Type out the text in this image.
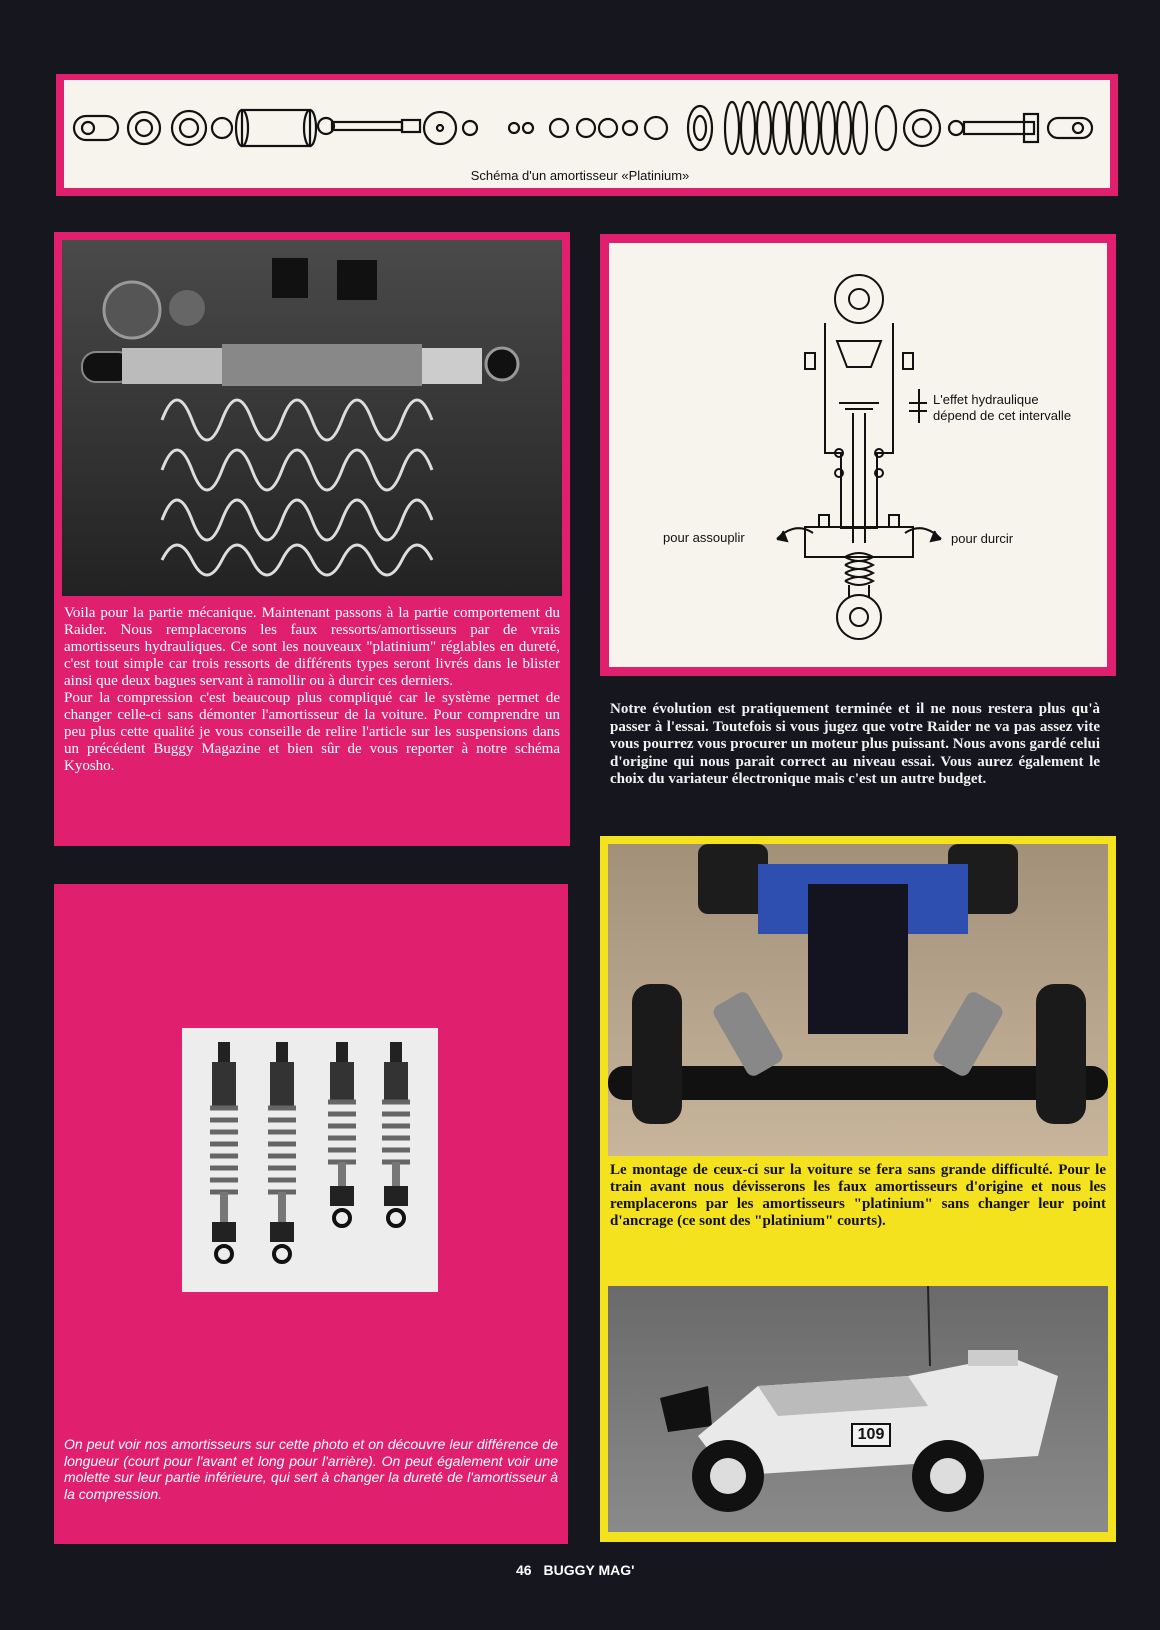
Schéma d'un amortisseur «Platinium»

Voila pour la partie mécanique. Maintenant passons à la partie comportement du Raider. Nous remplacerons les faux ressorts/amortisseurs par de vrais amortisseurs hydrauliques. Ce sont les nouveaux "platinium" réglables en dureté, c'est tout simple car trois ressorts de différents types seront livrés dans le blister ainsi que deux bagues servant à ramollir ou à durcir ces derniers.

Pour la compression c'est beaucoup plus compliqué car le système permet de changer celle-ci sans démonter l'amortisseur de la voiture. Pour comprendre un peu plus cette qualité je vous conseille de relire l'article sur les suspensions dans un précédent Buggy Magazine et bien sûr de vous reporter à notre schéma Kyosho.

L'effet hydraulique
dépend de cet intervalle
pour assouplir	pour durcir
Notre évolution est pratiquement terminée et il ne nous restera plus qu'à passer à l'essai. Toutefois si vous jugez que votre Raider ne va pas assez vite vous pourrez vous procurer un moteur plus puissant. Nous avons gardé celui d'origine qui nous parait correct au niveau essai. Vous aurez également le choix du variateur électronique mais c'est un autre budget.
On peut voir nos amortisseurs sur cette photo et on découvre leur différence de longueur (court pour l'avant et long pour l'arrière). On peut également voir une molette sur leur partie inférieure, qui sert à changer la dureté de l'amortisseur à la compression.
Le montage de ceux-ci sur la voiture se fera sans grande difficulté. Pour le train avant nous dévisserons les faux amortisseurs d'origine et nous les remplacerons par les amortisseurs "platinium" sans changer leur point d'ancrage (ce sont des "platinium" courts).
109
46 BUGGY MAG'
